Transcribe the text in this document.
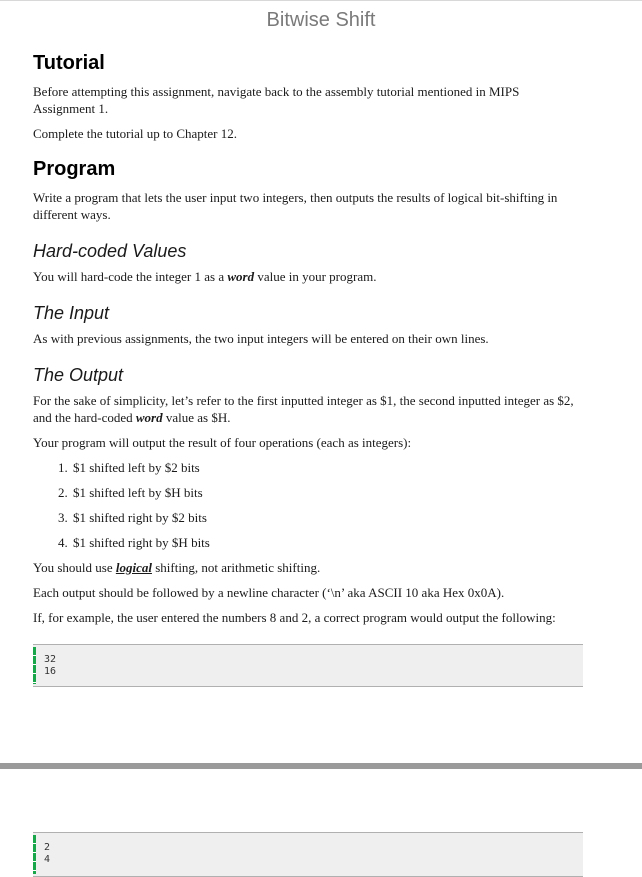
Bitwise Shift
Tutorial

Before attempting this assignment, navigate back to the assembly tutorial mentioned in MIPS Assignment 1.

Complete the tutorial up to Chapter 12.

Program

Write a program that lets the user input two integers, then outputs the results of logical bit-shifting in different ways.

Hard-coded Values

You will hard-code the integer 1 as a word value in your program.

The Input

As with previous assignments, the two input integers will be entered on their own lines.

The Output

For the sake of simplicity, let’s refer to the first inputted integer as $1, the second inputted integer as $2, and the hard-coded word value as $H.

Your program will output the result of four operations (each as integers):

1. $1 shifted left by $2 bits
2. $1 shifted left by $H bits
3. $1 shifted right by $2 bits
4. $1 shifted right by $H bits

You should use logical shifting, not arithmetic shifting.

Each output should be followed by a newline character (‘\n’ aka ASCII 10 aka Hex 0x0A).

If, for example, the user entered the numbers 8 and 2, a correct program would output the following:

32
16
2
4
